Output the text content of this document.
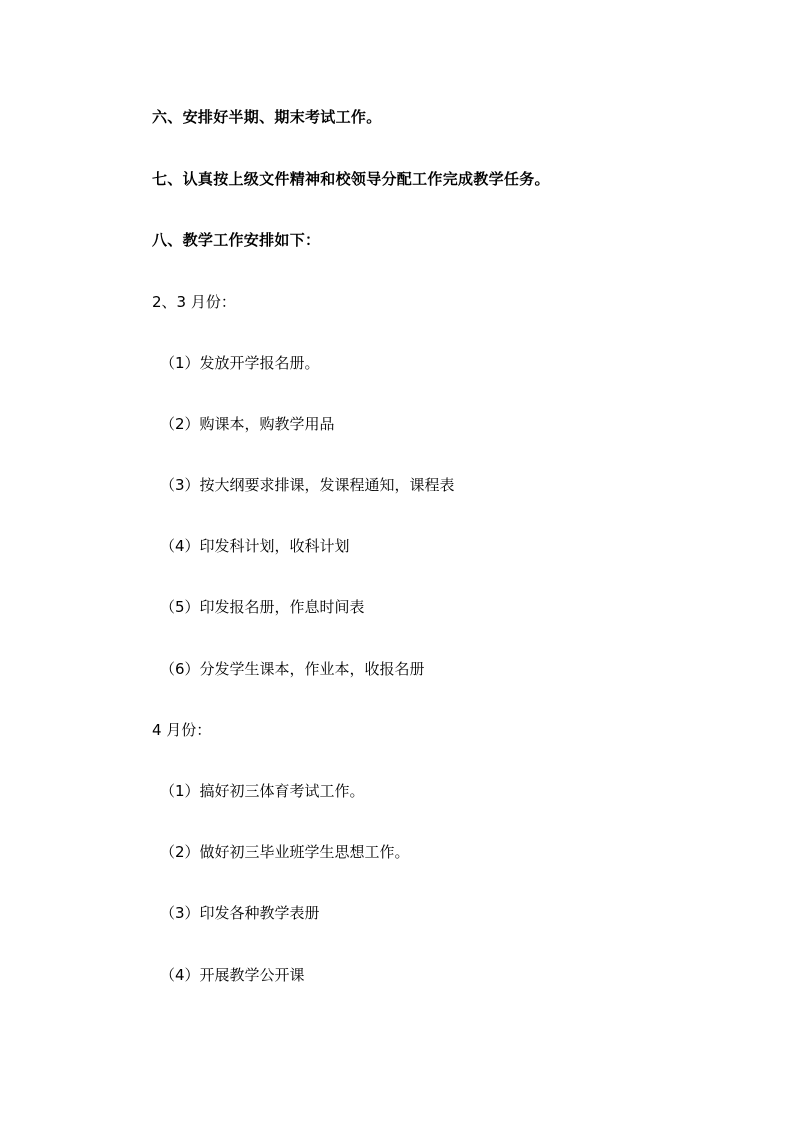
六、安排好半期、期末考试工作。
七、认真按上级文件精神和校领导分配工作完成教学任务。
八、教学工作安排如下：
2、3 月份：
（1）发放开学报名册。
（2）购课本，购教学用品
（3）按大纲要求排课，发课程通知，课程表
（4）印发科计划，收科计划
（5）印发报名册，作息时间表
（6）分发学生课本，作业本，收报名册
4 月份：
（1）搞好初三体育考试工作。
（2）做好初三毕业班学生思想工作。
（3）印发各种教学表册
（4）开展教学公开课
